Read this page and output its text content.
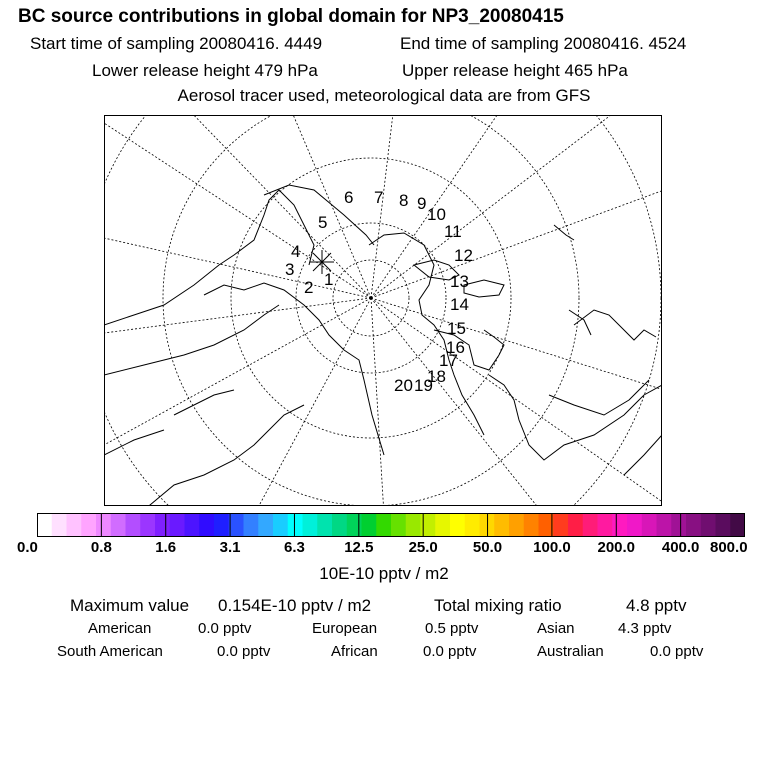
BC source contributions in global domain for NP3_20080415
Start time of sampling 20080416. 4449	End time of sampling 20080416. 4524
Lower release height 479 hPa	Upper release height 465 hPa
Aerosol tracer used, meteorological data are from GFS
1
2
3
4
5
6 7 8 9
10
11
12
13
14
15
16
17
18
19
20
0.0	0.8	1.6	3.1	6.3	12.5 25.0 50.0 100.0 200.0 400.0 800.0
10E-10 pptv / m2
Maximum value 0.154E-10 pptv / m2	Total mixing ratio	4.8 pptv
American	0.0 pptv	European	0.5 pptv	Asian	4.3 pptv
South American	0.0 pptv	African	0.0 pptv	Australian	0.0 pptv
